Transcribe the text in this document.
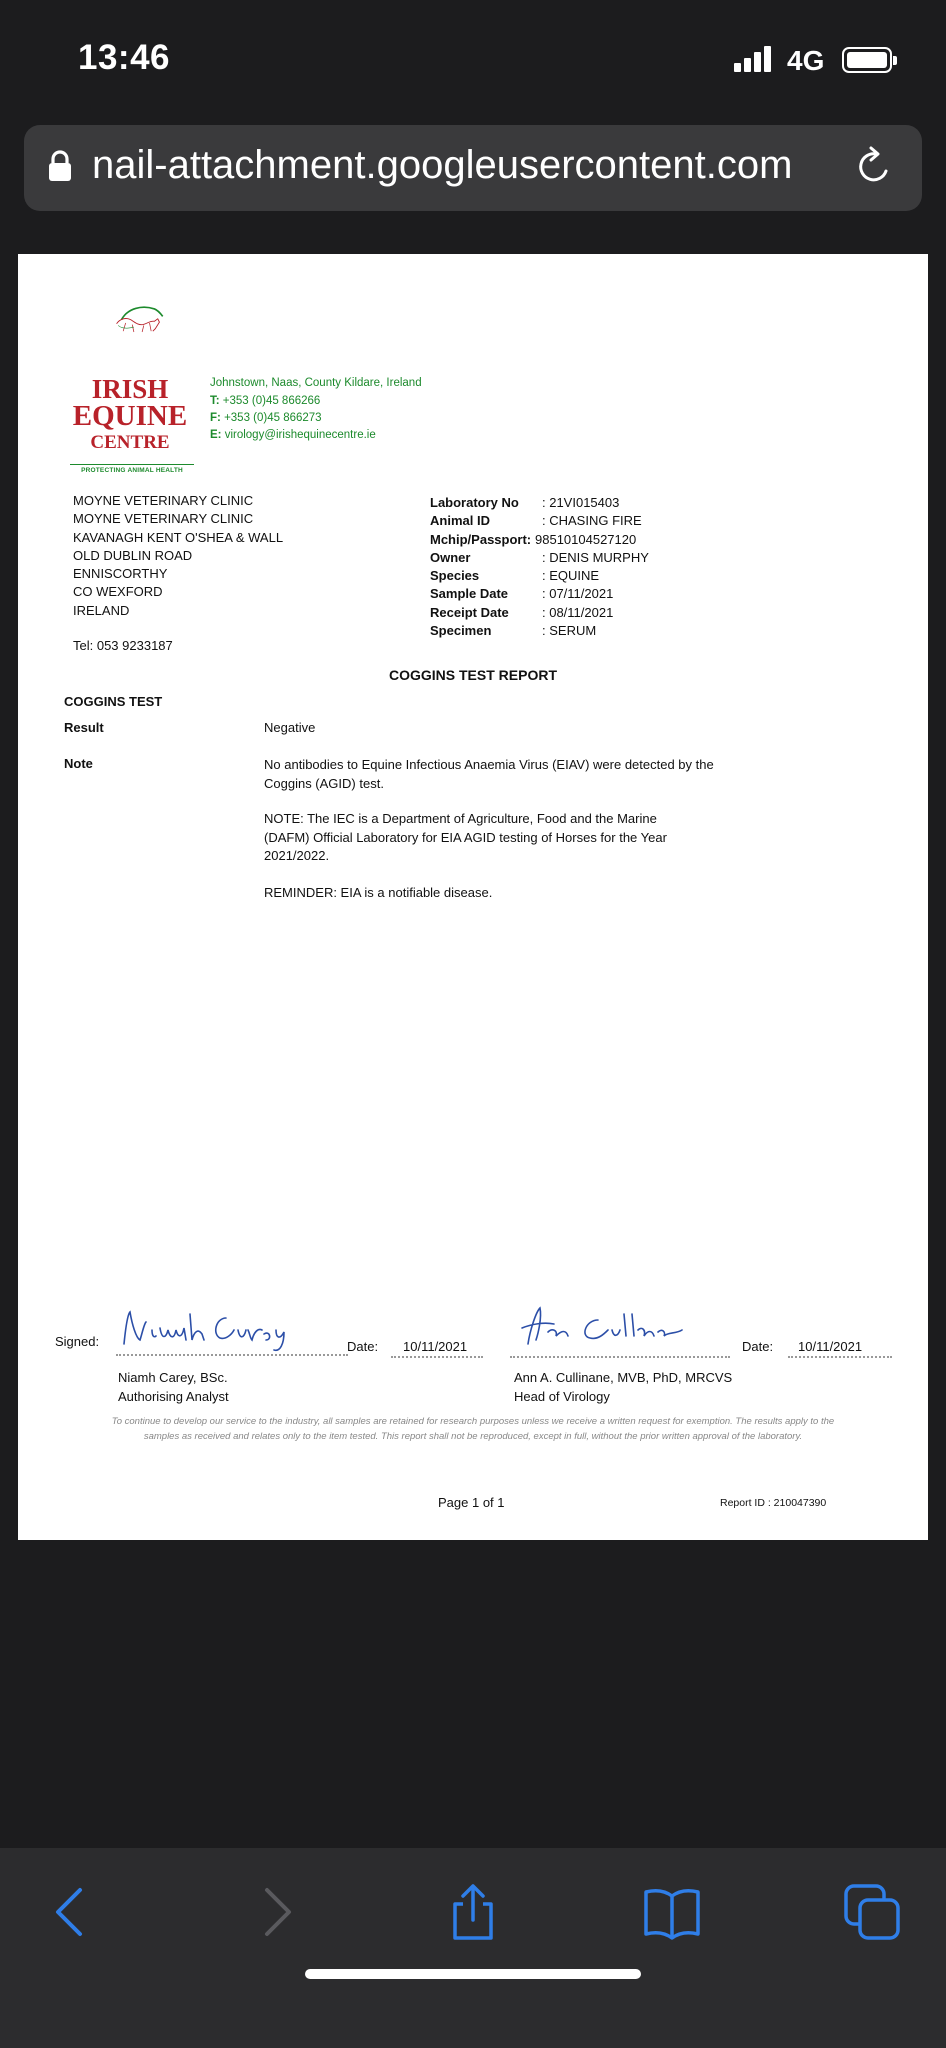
13:46	4G
nail-attachment.googleusercontent.com
IRISH
EQUINE
CENTRE
PROTECTING ANIMAL HEALTH
Johnstown, Naas, County Kildare, Ireland
T: +353 (0)45 866266
F: +353 (0)45 866273
E: virology@irishequinecentre.ie
MOYNE VETERINARY CLINIC
MOYNE VETERINARY CLINIC
KAVANAGH KENT O'SHEA & WALL
OLD DUBLIN ROAD
ENNISCORTHY
CO WEXFORD
IRELAND
Tel: 053 9233187
Laboratory No : 21VI015403
Animal ID	: CHASING FIRE
Mchip/Passport: 98510104527120
Owner	: DENIS MURPHY
Species	: EQUINE
Sample Date	: 07/11/2021
Receipt Date	: 08/11/2021
Specimen	: SERUM
COGGINS TEST REPORT
COGGINS TEST
Result	Negative
Note	No antibodies to Equine Infectious Anaemia Virus (EIAV) were detected by the Coggins (AGID) test.
NOTE: The IEC is a Department of Agriculture, Food and the Marine (DAFM) Official Laboratory for EIA AGID testing of Horses for the Year 2021/2022.
REMINDER: EIA is a notifiable disease.
Signed:	Date: 10/11/2021	Date: 10/11/2021
Niamh Carey, BSc.
Authorising Analyst
Ann A. Cullinane, MVB, PhD, MRCVS
Head of Virology
To continue to develop our service to the industry, all samples are retained for research purposes unless we receive a written request for exemption. The results apply to the samples as received and relates only to the item tested. This report shall not be reproduced, except in full, without the prior written approval of the laboratory.
Page 1 of 1	Report ID : 210047390
